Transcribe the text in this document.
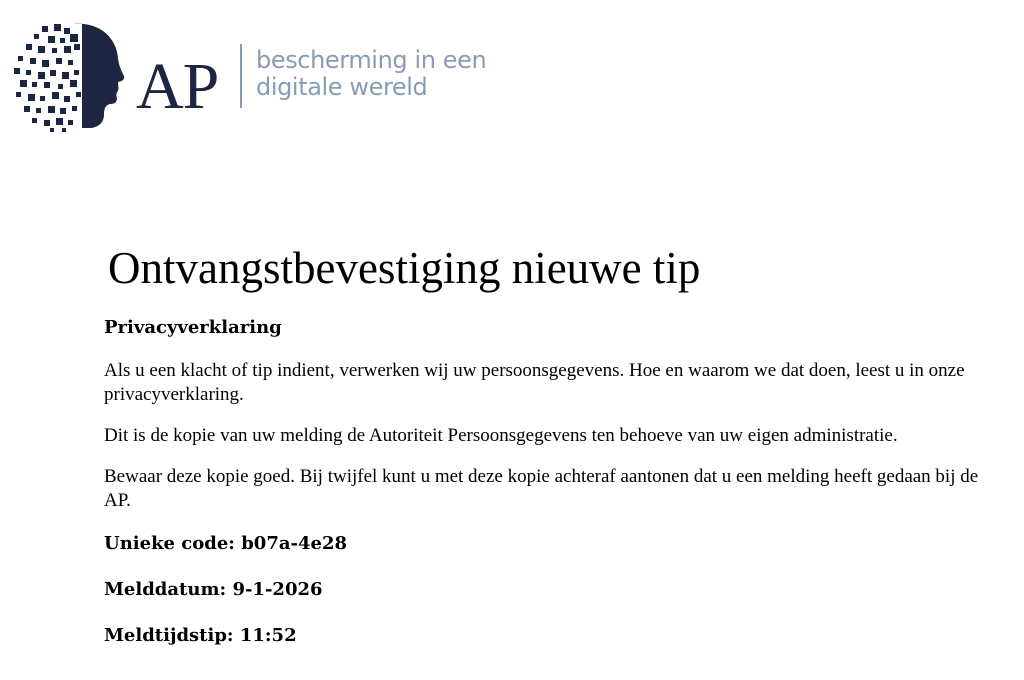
AP bescherming in een
digitale wereld

Ontvangstbevestiging nieuwe tip
Privacyverklaring

Als u een klacht of tip indient, verwerken wij uw persoonsgegevens. Hoe en waarom we dat doen, leest u in onze privacyverklaring.

Dit is de kopie van uw melding de Autoriteit Persoonsgegevens ten behoeve van uw eigen administratie.

Bewaar deze kopie goed. Bij twijfel kunt u met deze kopie achteraf aantonen dat u een melding heeft gedaan bij de AP.

Unieke code: b07a-4e28
Melddatum: 9-1-2026
Meldtijdstip: 11:52
